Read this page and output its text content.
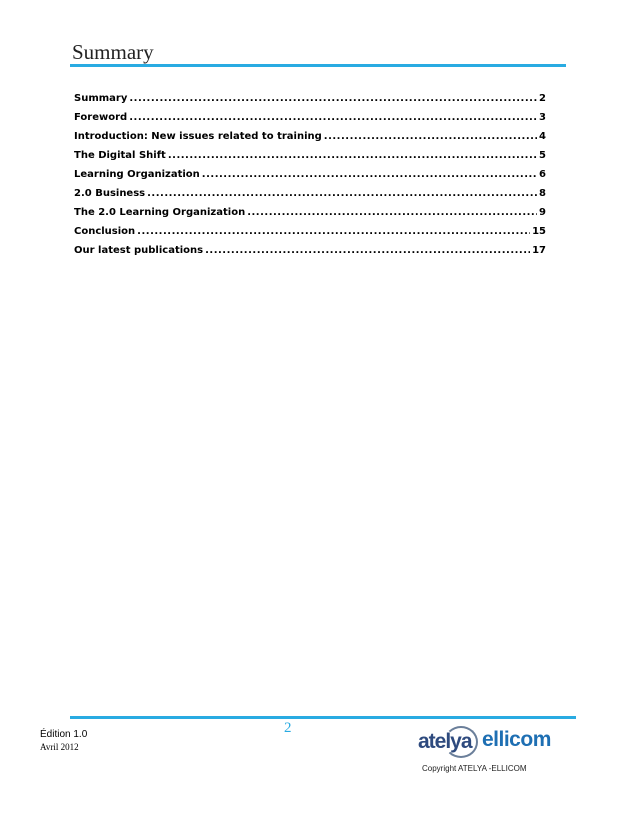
Summary
Summary .....	2
Foreword .....	3
Introduction: New issues related to training .....	4
The Digital Shift .....	5
Learning Organization .....	6
2.0 Business .....	8
The 2.0 Learning Organization .....	9
Conclusion .....	15
Our latest publications .....	17
Édition 1.0
Avril 2012
2
atelya ellicom
Copyright ATELYA -ELLICOM
